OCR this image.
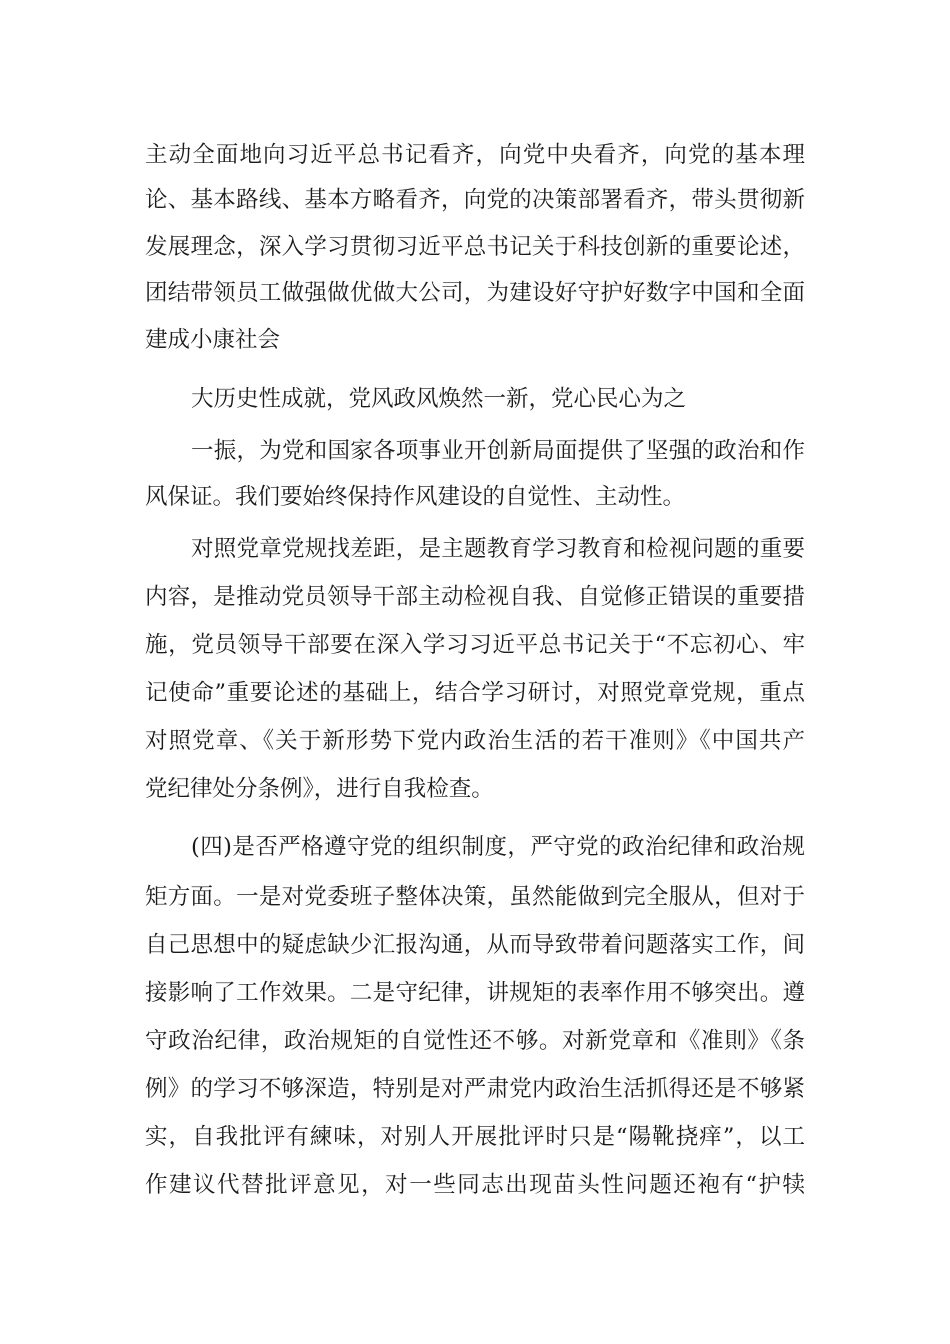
主动全面地向习近平总书记看齐，向党中央看齐，向党的基本理
论、基本路线、基本方略看齐，向党的决策部署看齐，带头贯彻新
发展理念，深入学习贯彻习近平总书记关于科技创新的重要论述，
团结带领员工做强做优做大公司，为建设好守护好数字中国和全面
建成小康社会
大历史性成就，党风政风焕然一新，党心民心为之
一振，为党和国家各项事业开创新局面提供了坚强的政治和作
风保证。我们要始终保持作风建设的自觉性、主动性。
对照党章党规找差距，是主题教育学习教育和检视问题的重要
内容，是推动党员领导干部主动检视自我、自觉修正错误的重要措
施，党员领导干部要在深入学习习近平总书记关于“不忘初心、牢
记使命”重要论述的基础上，结合学习研讨，对照党章党规，重点
对照党章、《关于新形势下党内政治生活的若干准则》《中国共产
党纪律处分条例》，进行自我检查。
(四)是否严格遵守党的组织制度，严守党的政治纪律和政治规
矩方面。一是对党委班子整体决策，虽然能做到完全服从，但对于
自己思想中的疑虑缺少汇报沟通，从而导致带着问题落实工作，间
接影响了工作效果。二是守纪律，讲规矩的表率作用不够突出。遵
守政治纪律，政治规矩的自觉性还不够。对新党章和《准則》《条
例》的学习不够深造，特别是对严肃党内政治生活抓得还是不够紧
实，自我批评有練味，对别人开展批评时只是“陽靴挠痒”，以工
作建议代替批评意见，对一些同志出现苗头性问题还袍有“护犊
